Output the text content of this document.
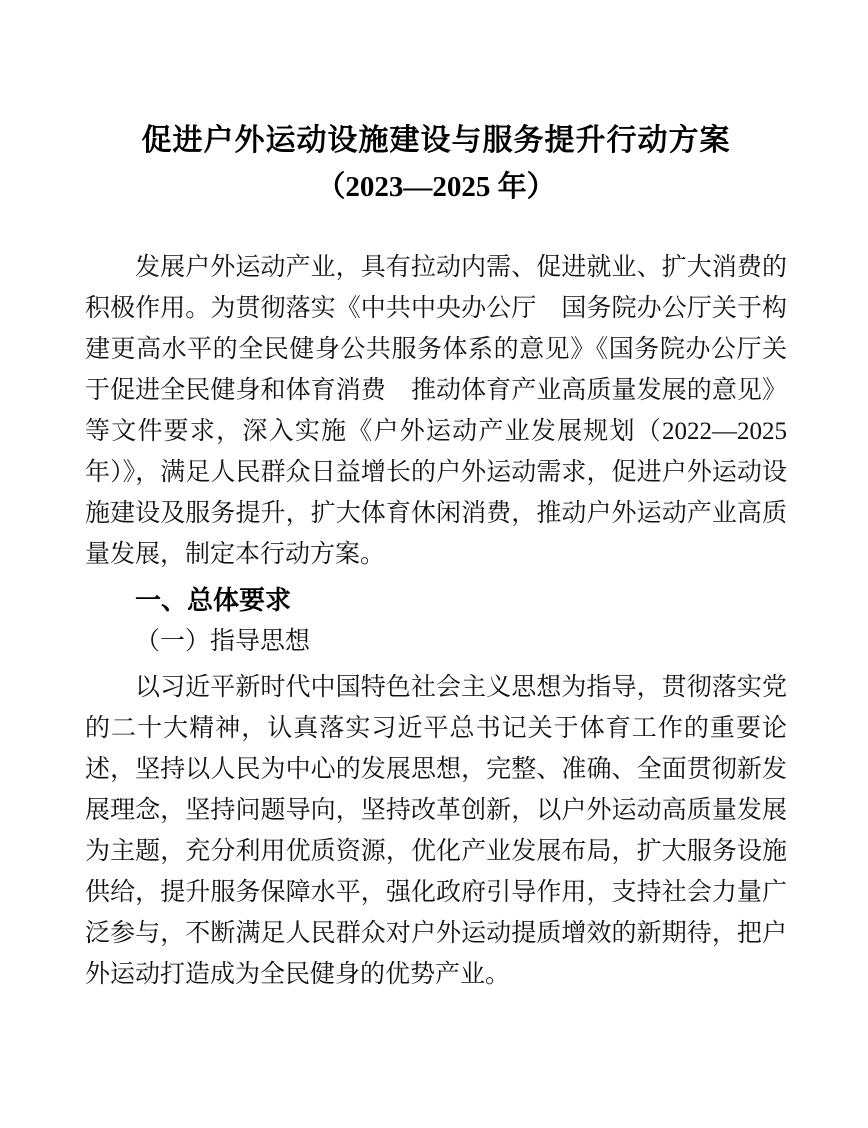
促进户外运动设施建设与服务提升行动方案
（2023—2025 年）

发展户外运动产业，具有拉动内需、促进就业、扩大消费的积极作用。为贯彻落实《中共中央办公厅　国务院办公厅关于构建更高水平的全民健身公共服务体系的意见》《国务院办公厅关于促进全民健身和体育消费　推动体育产业高质量发展的意见》等文件要求，深入实施《户外运动产业发展规划（2022—2025 年）》，满足人民群众日益增长的户外运动需求，促进户外运动设施建设及服务提升，扩大体育休闲消费，推动户外运动产业高质量发展，制定本行动方案。

一、总体要求
（一）指导思想

以习近平新时代中国特色社会主义思想为指导，贯彻落实党的二十大精神，认真落实习近平总书记关于体育工作的重要论述，坚持以人民为中心的发展思想，完整、准确、全面贯彻新发展理念，坚持问题导向，坚持改革创新，以户外运动高质量发展为主题，充分利用优质资源，优化产业发展布局，扩大服务设施供给，提升服务保障水平，强化政府引导作用，支持社会力量广泛参与，不断满足人民群众对户外运动提质增效的新期待，把户外运动打造成为全民健身的优势产业。
